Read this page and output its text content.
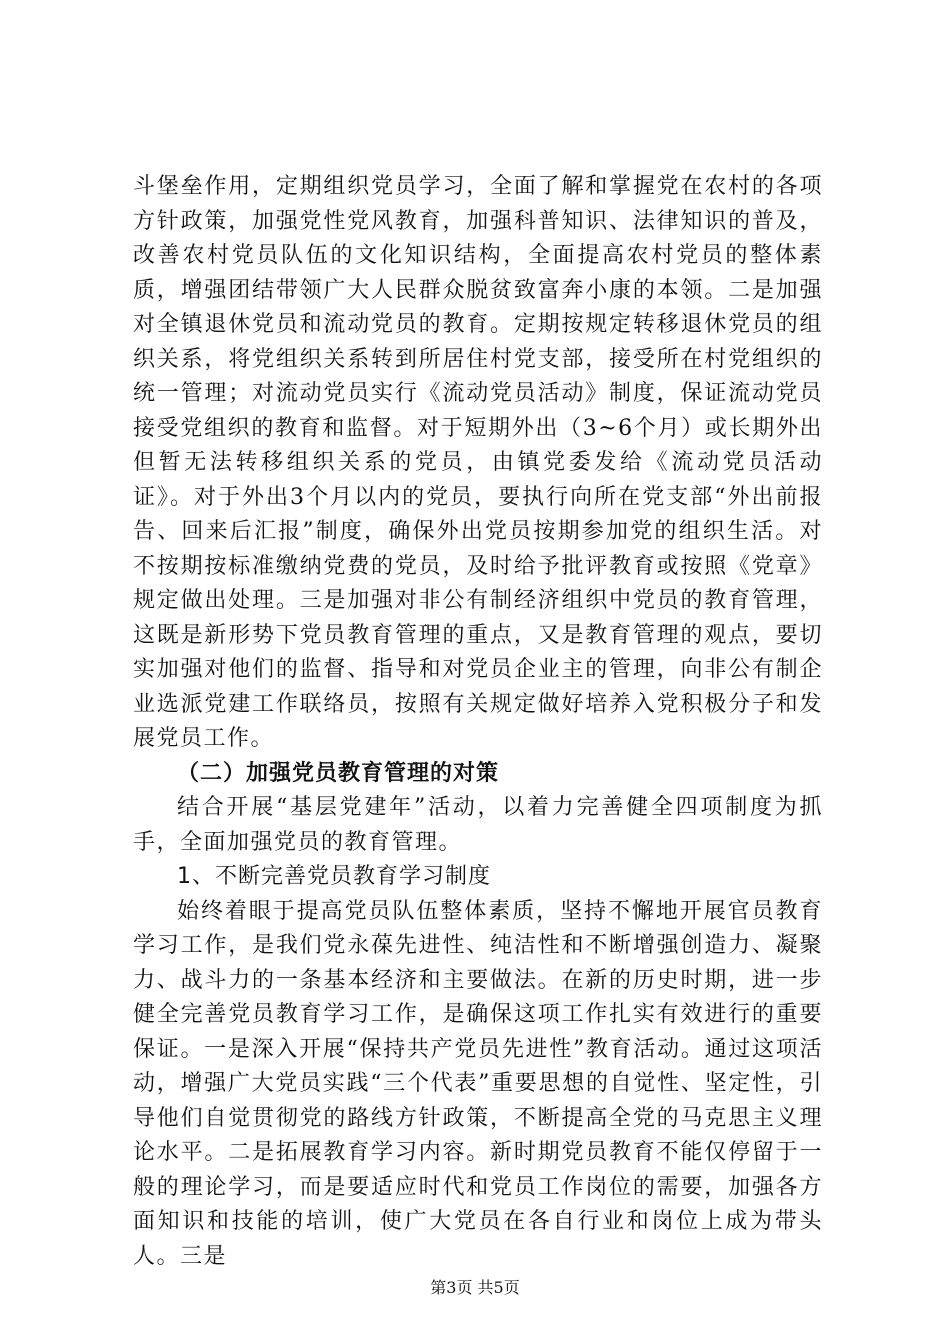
斗堡垒作用，定期组织党员学习，全面了解和掌握党在农村的各项方针政策，加强党性党风教育，加强科普知识、法律知识的普及，改善农村党员队伍的文化知识结构，全面提高农村党员的整体素质，增强团结带领广大人民群众脱贫致富奔小康的本领。二是加强对全镇退休党员和流动党员的教育。定期按规定转移退休党员的组织关系，将党组织关系转到所居住村党支部，接受所在村党组织的统一管理；对流动党员实行《流动党员活动》制度，保证流动党员接受党组织的教育和监督。对于短期外出（3~6个月）或长期外出但暂无法转移组织关系的党员，由镇党委发给《流动党员活动证》。对于外出3个月以内的党员，要执行向所在党支部“外出前报告、回来后汇报”制度，确保外出党员按期参加党的组织生活。对不按期按标准缴纳党费的党员，及时给予批评教育或按照《党章》规定做出处理。三是加强对非公有制经济组织中党员的教育管理，这既是新形势下党员教育管理的重点，又是教育管理的观点，要切实加强对他们的监督、指导和对党员企业主的管理，向非公有制企业选派党建工作联络员，按照有关规定做好培养入党积极分子和发展党员工作。

（二）加强党员教育管理的对策

结合开展“基层党建年”活动，以着力完善健全四项制度为抓手，全面加强党员的教育管理。

1、不断完善党员教育学习制度

始终着眼于提高党员队伍整体素质，坚持不懈地开展官员教育学习工作，是我们党永葆先进性、纯洁性和不断增强创造力、凝聚力、战斗力的一条基本经济和主要做法。在新的历史时期，进一步健全完善党员教育学习工作，是确保这项工作扎实有效进行的重要保证。一是深入开展“保持共产党员先进性”教育活动。通过这项活动，增强广大党员实践“三个代表”重要思想的自觉性、坚定性，引导他们自觉贯彻党的路线方针政策，不断提高全党的马克思主义理论水平。二是拓展教育学习内容。新时期党员教育不能仅停留于一般的理论学习，而是要适应时代和党员工作岗位的需要，加强各方面知识和技能的培训，使广大党员在各自行业和岗位上成为带头人。三是

第3页 共5页
